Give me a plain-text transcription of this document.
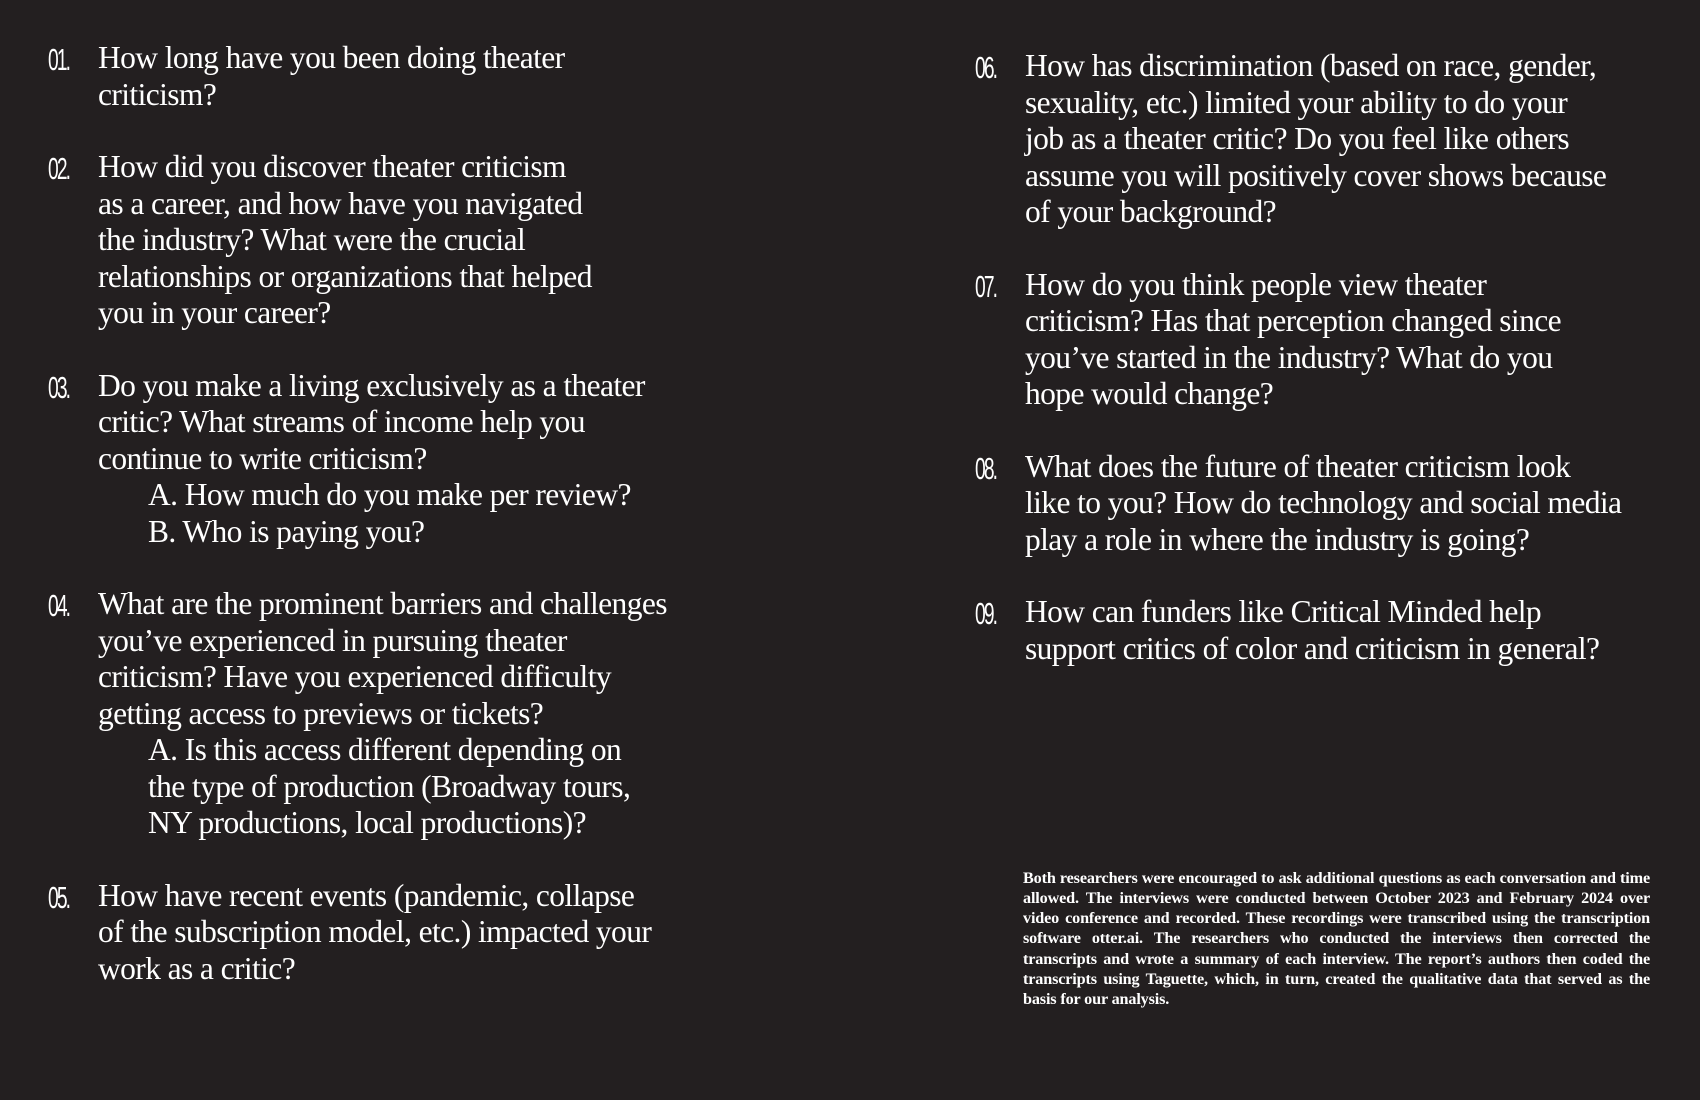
01. How long have you been doing theater
criticism?
02. How did you discover theater criticism
as a career, and how have you navigated
the industry? What were the crucial
relationships or organizations that helped
you in your career?
03. Do you make a living exclusively as a theater
critic? What streams of income help you
continue to write criticism?
A. How much do you make per review?
B. Who is paying you?
04. What are the prominent barriers and challenges
you’ve experienced in pursuing theater
criticism? Have you experienced difficulty
getting access to previews or tickets?
A. Is this access different depending on
the type of production (Broadway tours,
NY productions, local productions)?
05. How have recent events (pandemic, collapse
of the subscription model, etc.) impacted your
work as a critic?
06. How has discrimination (based on race, gender,
sexuality, etc.) limited your ability to do your
job as a theater critic? Do you feel like others
assume you will positively cover shows because
of your background?
07. How do you think people view theater
criticism? Has that perception changed since
you’ve started in the industry? What do you
hope would change?
08. What does the future of theater criticism look
like to you? How do technology and social media
play a role in where the industry is going?
09. How can funders like Critical Minded help
support critics of color and criticism in general?

Both researchers were encouraged to ask additional questions as each conversation and time allowed. The interviews were conducted between October 2023 and February 2024 over video conference and recorded. These recordings were transcribed using the transcription software otter.ai. The researchers who conducted the interviews then corrected the transcripts and wrote a summary of each interview. The report’s authors then coded the transcripts using Taguette, which, in turn, created the qualitative data that served as the basis for our analysis.
